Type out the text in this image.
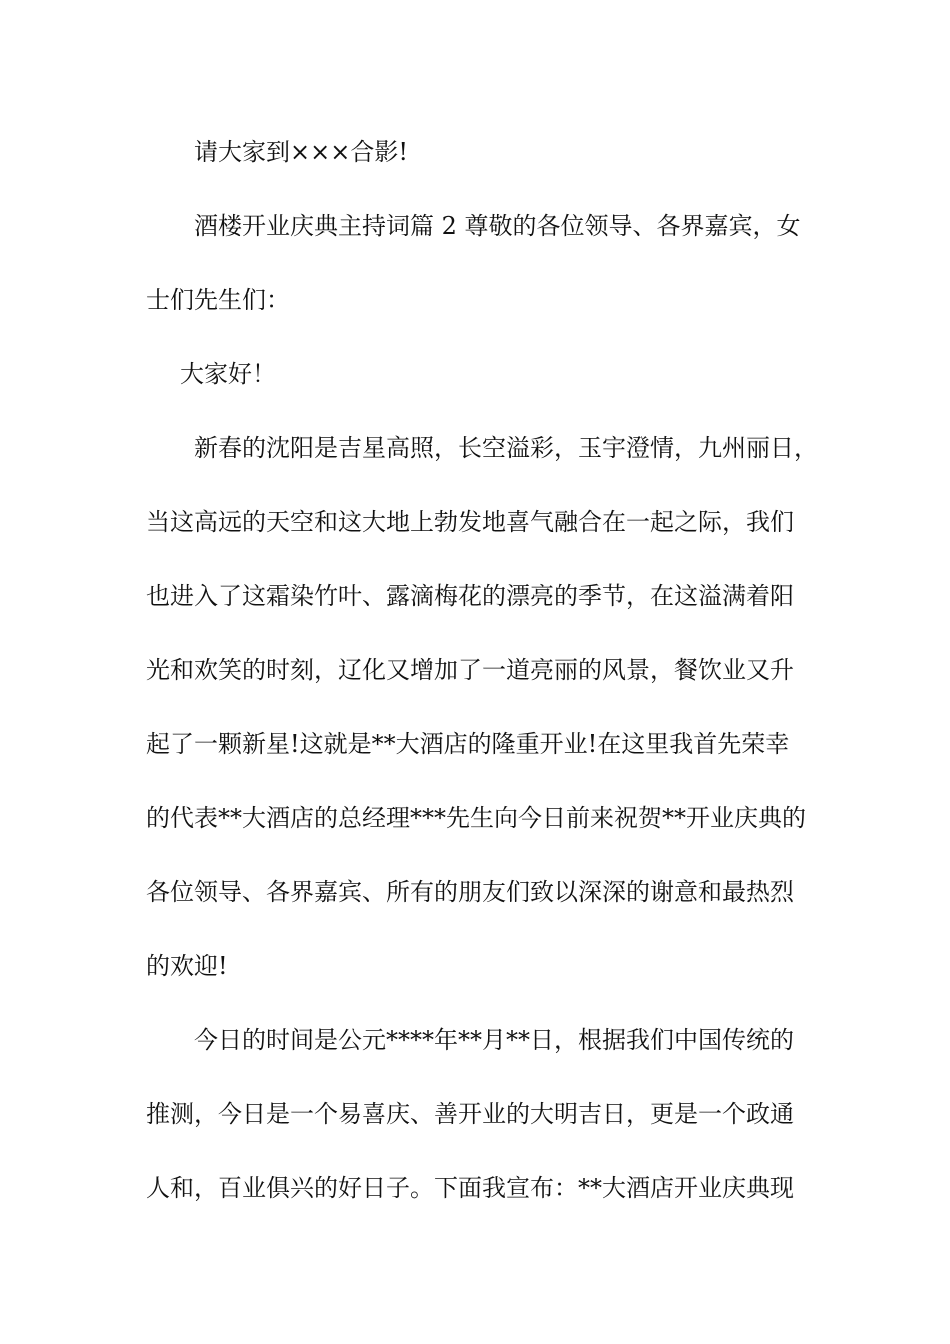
请大家到×××合影!
酒楼开业庆典主持词篇 2 尊敬的各位领导、各界嘉宾，女
士们先生们：
大家好！
新春的沈阳是吉星高照，长空溢彩，玉宇澄情，九州丽日，
当这高远的天空和这大地上勃发地喜气融合在一起之际，我们
也进入了这霜染竹叶、露滴梅花的漂亮的季节，在这溢满着阳
光和欢笑的时刻，辽化又增加了一道亮丽的风景，餐饮业又升
起了一颗新星!这就是**大酒店的隆重开业!在这里我首先荣幸
的代表**大酒店的总经理***先生向今日前来祝贺**开业庆典的
各位领导、各界嘉宾、所有的朋友们致以深深的谢意和最热烈
的欢迎!
今日的时间是公元****年**月**日，根据我们中国传统的
推测，今日是一个易喜庆、善开业的大明吉日，更是一个政通
人和，百业俱兴的好日子。下面我宣布：**大酒店开业庆典现
